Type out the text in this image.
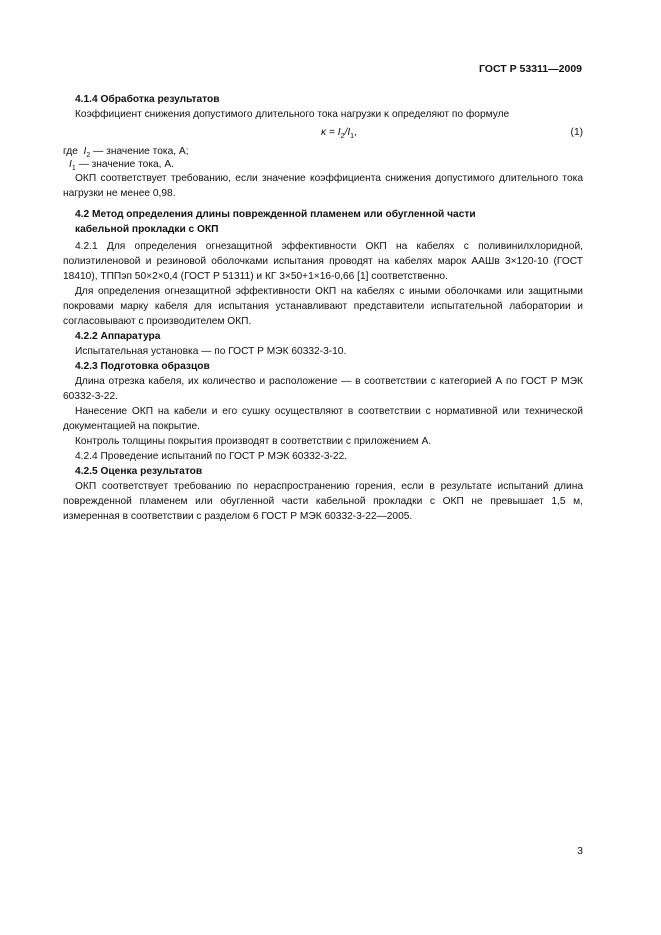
ГОСТ Р 53311—2009

4.1.4 Обработка результатов

Коэффициент снижения допустимого длительного тока нагрузки κ определяют по формуле

$\kappa = I_2/I_1$,	(1)
где $I_2$ — значение тока, А;
$I_1$ — значение тока, А.

ОКП соответствует требованию, если значение коэффициента снижения допустимого длительного тока нагрузки не менее 0,98.

4.2 Метод определения длины поврежденной пламенем или обугленной части

кабельной прокладки с ОКП

4.2.1 Для определения огнезащитной эффективности ОКП на кабелях с поливинилхлоридной, полиэтиленовой и резиновой оболочками испытания проводят на кабелях марок ААШв 3×120-10 (ГОСТ 18410), ТППэп 50×2×0,4 (ГОСТ Р 51311) и КГ 3×50+1×16-0,66 [1] соответственно.

Для определения огнезащитной эффективности ОКП на кабелях с иными оболочками или защитными покровами марку кабеля для испытания устанавливают представители испытательной лаборатории и согласовывают с производителем ОКП.

4.2.2 Аппаратура

Испытательная установка — по ГОСТ Р МЭК 60332-3-10.

4.2.3 Подготовка образцов

Длина отрезка кабеля, их количество и расположение — в соответствии с категорией А по ГОСТ Р МЭК 60332-3-22.

Нанесение ОКП на кабели и его сушку осуществляют в соответствии с нормативной или технической документацией на покрытие.

Контроль толщины покрытия производят в соответствии с приложением А.

4.2.4 Проведение испытаний по ГОСТ Р МЭК 60332-3-22.

4.2.5 Оценка результатов

ОКП соответствует требованию по нераспространению горения, если в результате испытаний длина поврежденной пламенем или обугленной части кабельной прокладки с ОКП не превышает 1,5 м, измеренная в соответствии с разделом 6 ГОСТ Р МЭК 60332-3-22—2005.

3
